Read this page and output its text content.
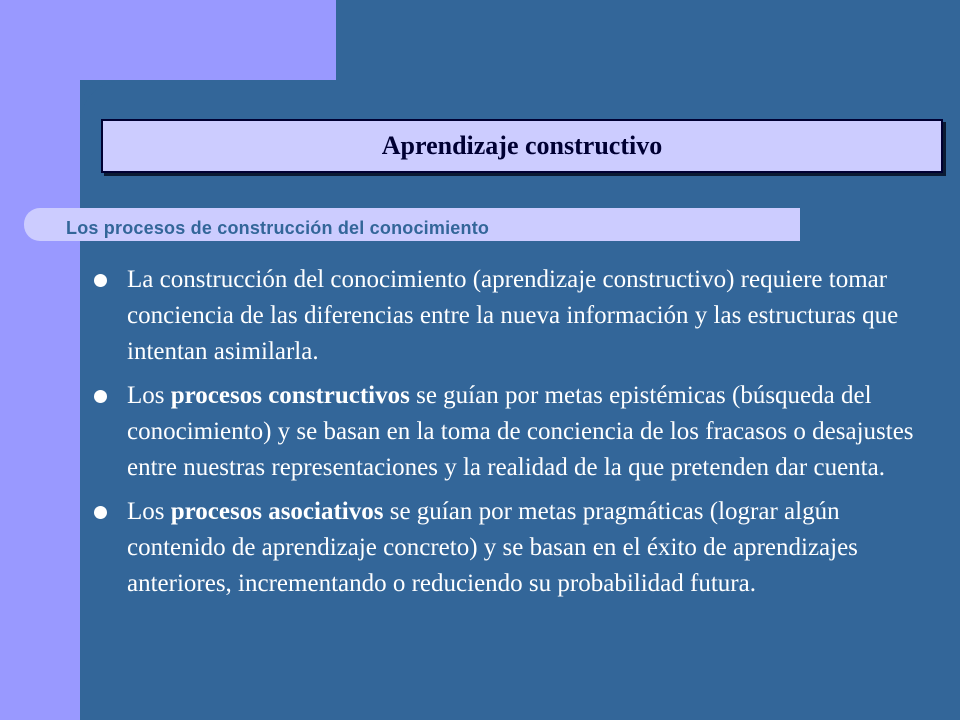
Aprendizaje constructivo
Los procesos de construcción del conocimiento
La construcción del conocimiento (aprendizaje constructivo) requiere tomar conciencia de las diferencias entre la nueva información y las estructuras que intentan asimilarla.
Los procesos constructivos se guían por metas epistémicas (búsqueda del conocimiento) y se basan en la toma de conciencia de los fracasos o desajustes entre nuestras representaciones y la realidad de la que pretenden dar cuenta.
Los procesos asociativos se guían por metas pragmáticas (lograr algún contenido de aprendizaje concreto) y se basan en el éxito de aprendizajes anteriores, incrementando o reduciendo su probabilidad futura.
